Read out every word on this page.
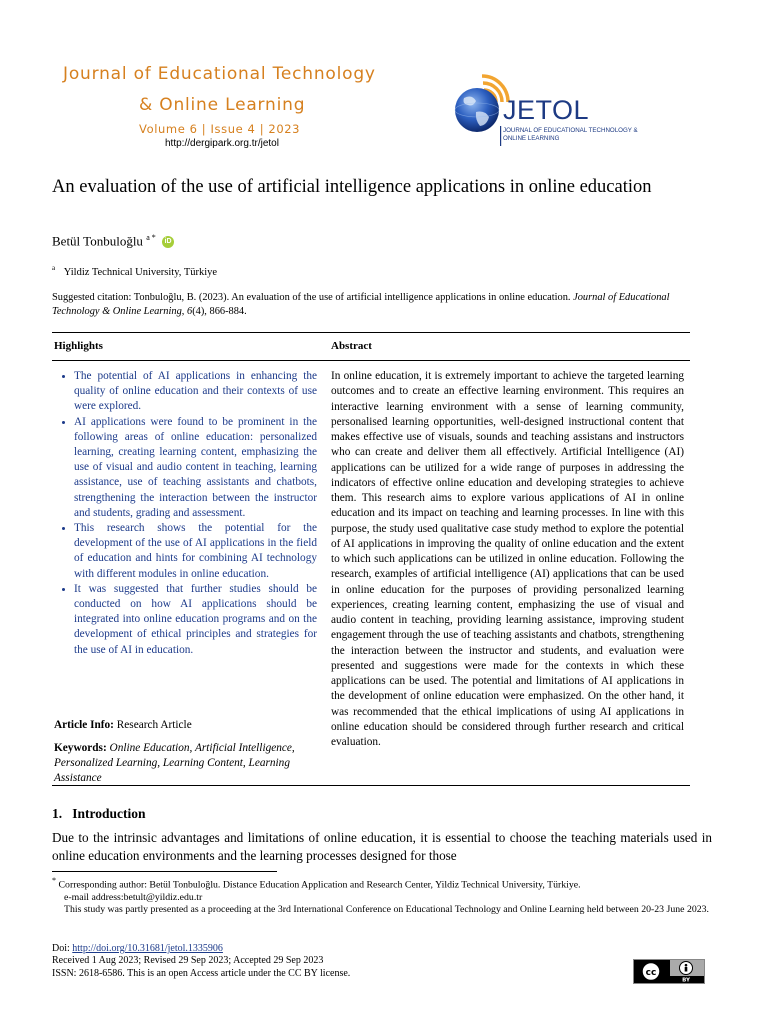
Journal of Educational Technology
& Online Learning
Volume 6 | Issue 4 | 2023
http://dergipark.org.tr/jetol
JETOL
JOURNAL OF EDUCATIONAL TECHNOLOGY &
ONLINE LEARNING
An evaluation of the use of artificial intelligence applications in online education
Betül Tonbuloğlu $^{a *}$ iD
$^a$ Yildiz Technical University, Türkiye
Suggested citation: Tonbuloğlu, B. (2023). An evaluation of the use of artificial intelligence applications in online education. Journal of Educational Technology & Online Learning, 6(4), 866-884.
Highlights	Abstract
• The potential of AI applications in enhancing the quality of online education and their contexts of use were explored.
• AI applications were found to be prominent in the following areas of online education: personalized learning, creating learning content, emphasizing the use of visual and audio content in teaching, learning assistance, use of teaching assistants and chatbots, strengthening the interaction between the instructor and students, grading and assessment.
• This research shows the potential for the development of the use of AI applications in the field of education and hints for combining AI technology with different modules in online education.
• It was suggested that further studies should be conducted on how AI applications should be integrated into online education programs and on the development of ethical principles and strategies for the use of AI in education.
Article Info: Research Article
Keywords: Online Education, Artificial Intelligence, Personalized Learning, Learning Content, Learning Assistance
In online education, it is extremely important to achieve the targeted learning outcomes and to create an effective learning environment. This requires an interactive learning environment with a sense of learning community, personalised learning opportunities, well-designed instructional content that makes effective use of visuals, sounds and teaching assistans and instructors who can create and deliver them all effectively. Artificial Intelligence (AI) applications can be utilized for a wide range of purposes in addressing the indicators of effective online education and developing strategies to achieve them. This research aims to explore various applications of AI in online education and its impact on teaching and learning processes. In line with this purpose, the study used qualitative case study method to explore the potential of AI applications in improving the quality of online education and the extent to which such applications can be utilized in online education. Following the research, examples of artificial intelligence (AI) applications that can be used in online education for the purposes of providing personalized learning experiences, creating learning content, emphasizing the use of visual and audio content in teaching, providing learning assistance, improving student engagement through the use of teaching assistants and chatbots, strengthening the interaction between the instructor and students, and evaluation were presented and suggestions were made for the contexts in which these applications can be used. The potential and limitations of AI applications in the development of online education were emphasized. On the other hand, it was recommended that the ethical implications of using AI applications in online education should be considered through further research and critical evaluation.
1.   Introduction
Due to the intrinsic advantages and limitations of online education, it is essential to choose the teaching materials used in online education environments and the learning processes designed for those
* Corresponding author: Betül Tonbuloğlu. Distance Education Application and Research Center, Yildiz Technical University, Türkiye.
e-mail address:betult@yildiz.edu.tr
This study was partly presented as a proceeding at the 3rd International Conference on Educational Technology and Online Learning held between 20-23 June 2023.
Doi: http://doi.org/10.31681/jetol.1335906
Received 1 Aug 2023; Revised 29 Sep 2023; Accepted 29 Sep 2023
ISSN: 2618-6586. This is an open Access article under the CC BY license.	cc
BY
